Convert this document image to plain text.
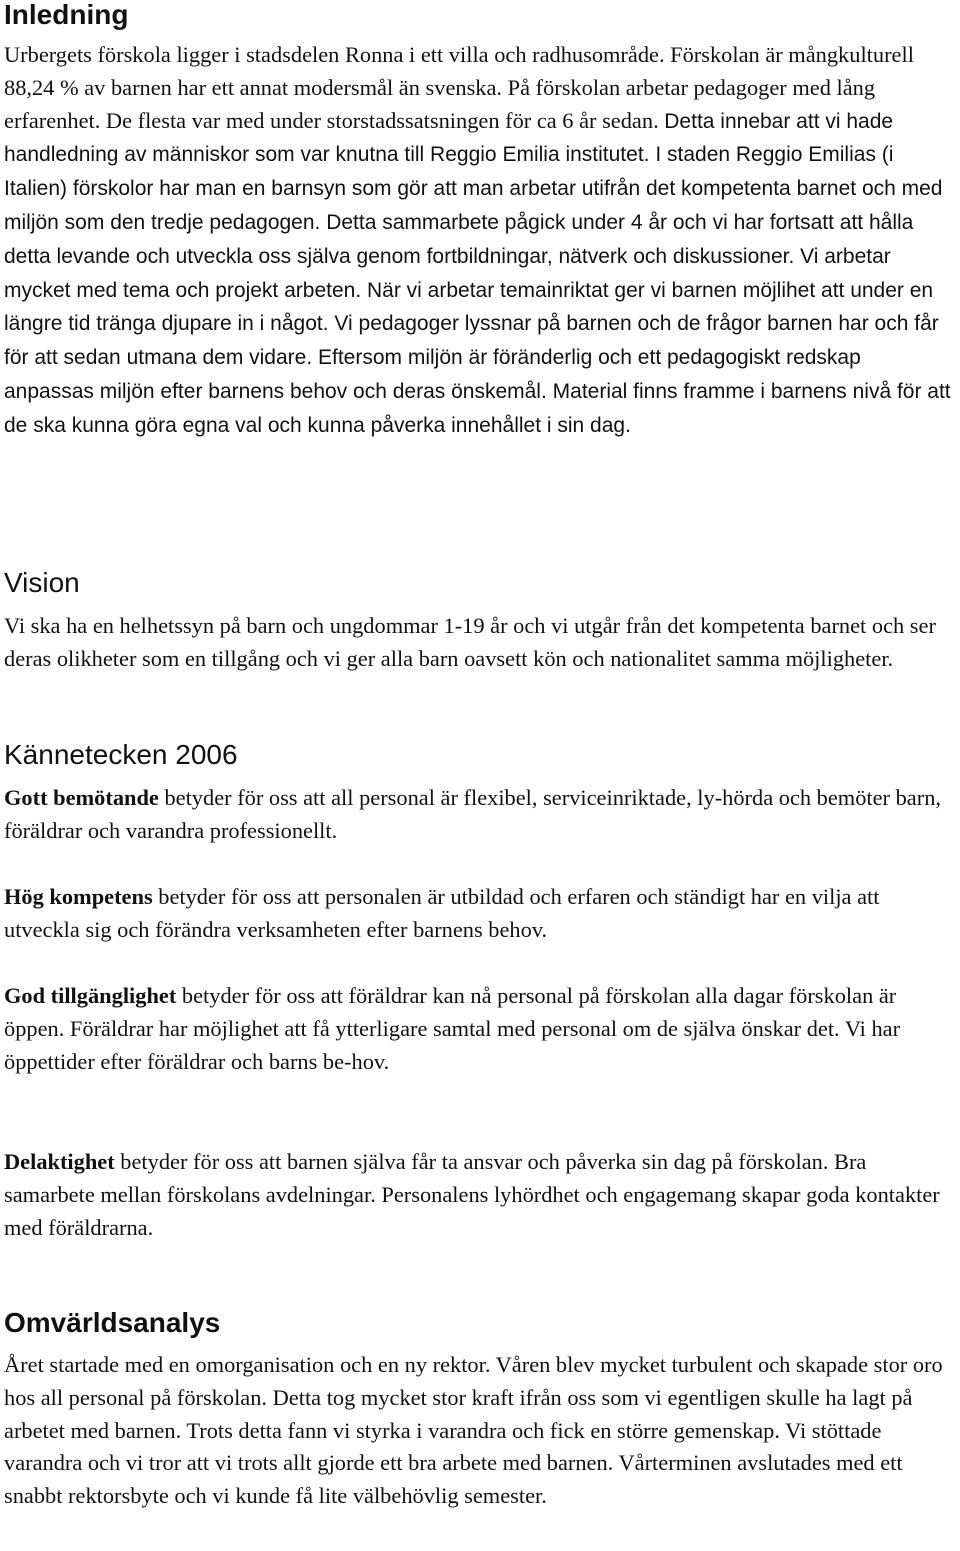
Inledning

Urbergets förskola ligger i stadsdelen Ronna i ett villa och radhusområde. Förskolan är mångkulturell 88,24 % av barnen har ett annat modersmål än svenska. På förskolan arbetar pedagoger med lång erfarenhet. De flesta var med under storstadssatsningen för ca 6 år sedan. Detta innebar att vi hade handledning av människor som var knutna till Reggio Emilia institutet. I staden Reggio Emilias (i Italien) förskolor har man en barnsyn som gör att man arbetar utifrån det kompetenta barnet och med miljön som den tredje pedagogen. Detta sammarbete pågick under 4 år och vi har fortsatt att hålla detta levande och utveckla oss själva genom fortbildningar, nätverk och diskussioner. Vi arbetar mycket med tema och projekt arbeten. När vi arbetar temainriktat ger vi barnen möjlihet att under en längre tid tränga djupare in i något. Vi pedagoger lyssnar på barnen och de frågor barnen har och får för att sedan utmana dem vidare. Eftersom miljön är föränderlig och ett pedagogiskt redskap anpassas miljön efter barnens behov och deras önskemål. Material finns framme i barnens nivå för att de ska kunna göra egna val och kunna påverka innehållet i sin dag.

Vision

Vi ska ha en helhetssyn på barn och ungdommar 1-19 år och vi utgår från det kompetenta barnet och ser deras olikheter som en tillgång och vi ger alla barn oavsett kön och nationalitet samma möjligheter.

Kännetecken 2006

Gott bemötande betyder för oss att all personal är flexibel, serviceinriktade, ly-hörda och bemöter barn, föräldrar och varandra professionellt.

Hög kompetens betyder för oss att personalen är utbildad och erfaren och ständigt har en vilja att utveckla sig och förändra verksamheten efter barnens behov.

God tillgänglighet betyder för oss att föräldrar kan nå personal på förskolan alla dagar förskolan är öppen. Föräldrar har möjlighet att få ytterligare samtal med personal om de själva önskar det. Vi har öppettider efter föräldrar och barns be-hov.

Delaktighet betyder för oss att barnen själva får ta ansvar och påverka sin dag på förskolan. Bra samarbete mellan förskolans avdelningar. Personalens lyhördhet och engagemang skapar goda kontakter med föräldrarna.

Omvärldsanalys

Året startade med en omorganisation och en ny rektor. Våren blev mycket turbulent och skapade stor oro hos all personal på förskolan. Detta tog mycket stor kraft ifrån oss som vi egentligen skulle ha lagt på arbetet med barnen. Trots detta fann vi styrka i varandra och fick en större gemenskap. Vi stöttade varandra och vi tror att vi trots allt gjorde ett bra arbete med barnen. Vårterminen avslutades med ett snabbt rektorsbyte och vi kunde få lite välbehövlig semester.
